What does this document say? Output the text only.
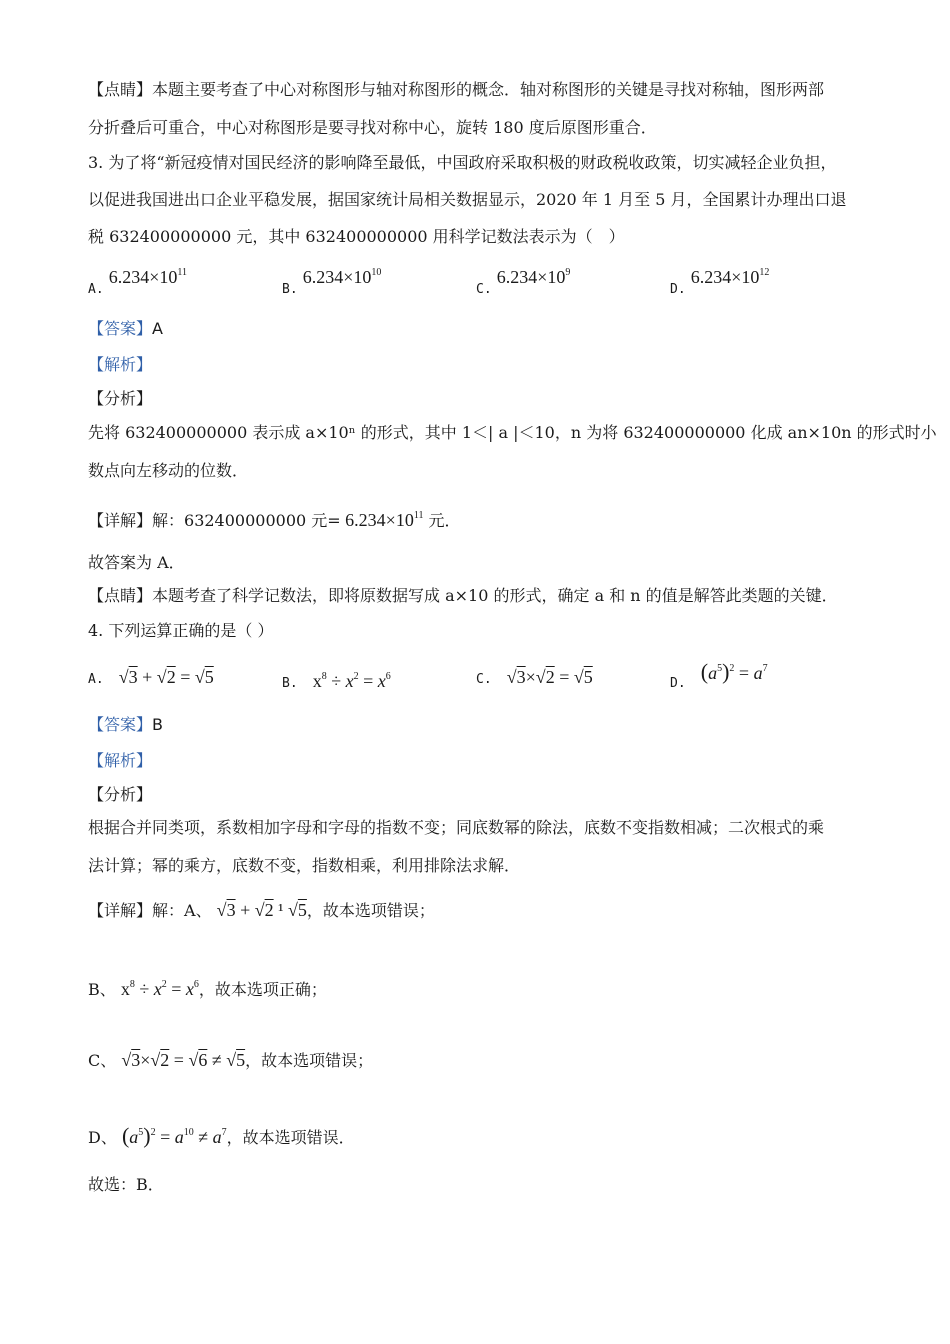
【点睛】本题主要考查了中心对称图形与轴对称图形的概念．轴对称图形的关键是寻找对称轴，图形两部
分折叠后可重合，中心对称图形是要寻找对称中心，旋转 180 度后原图形重合．
3. 为了将“新冠疫情对国民经济的影响降至最低，中国政府采取积极的财政税收政策，切实减轻企业负担，
以促进我国进出口企业平稳发展，据国家统计局相关数据显示，2020 年 1 月至 5 月，全国累计办理出口退
税 632400000000 元，其中 632400000000 用科学记数法表示为（　）
$_{A.}$ $6.234\times 10^{11}$
$_{B.}$ $6.234\times 10^{10}$
$_{C.}$ $6.234\times 10^9$
$_{D.}$ $6.234\times 10^{12}$
【答案】A
【解析】
【分析】
先将 632400000000 表示成 a×10ⁿ 的形式，其中 1＜| a |＜10，n 为将 632400000000 化成 an×10n 的形式时小
数点向左移动的位数．
【详解】解：632400000000 元= $6.234\times 10^{11}$ 元．
故答案为 A．
【点睛】本题考查了科学记数法，即将原数据写成 a×10 的形式，确定 a 和 n 的值是解答此类题的关键．
4. 下列运算正确的是（ ）
A. √3 + √2 = √5	B. $x^8 \div x^2 = x^6$	C. √3×√2 = √5	$_{D.}$ $(a^5)^2 = a^7$
【答案】B
【解析】
【分析】
根据合并同类项，系数相加字母和字母的指数不变；同底数幂的除法，底数不变指数相减；二次根式的乘
法计算；幂的乘方，底数不变，指数相乘，利用排除法求解．
【详解】解：A、 √3 + √2 ¹ √5，故本选项错误；
B、 $x^8 \div x^2 = x^6$，故本选项正确；
C、 √3×√2 = √6 ≠ √5，故本选项错误；
D、 $(a^5)^2 = a^{10} \ne a^7$，故本选项错误．
故选：B．
